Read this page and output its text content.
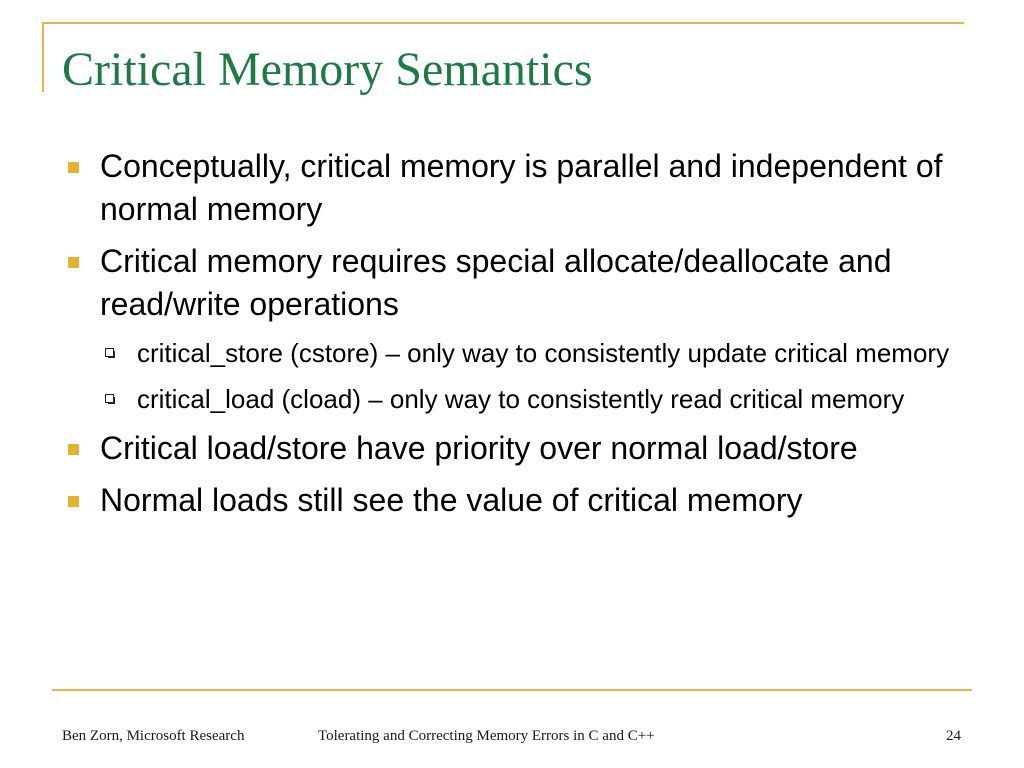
Critical Memory Semantics
Conceptually, critical memory is parallel and independent of normal memory
Critical memory requires special allocate/deallocate and read/write operations
critical_store (cstore) – only way to consistently update critical memory
critical_load (cload) – only way to consistently read critical memory
Critical load/store have priority over normal load/store
Normal loads still see the value of critical memory
Ben Zorn, Microsoft Research	Tolerating and Correcting Memory Errors in C and C++	24
